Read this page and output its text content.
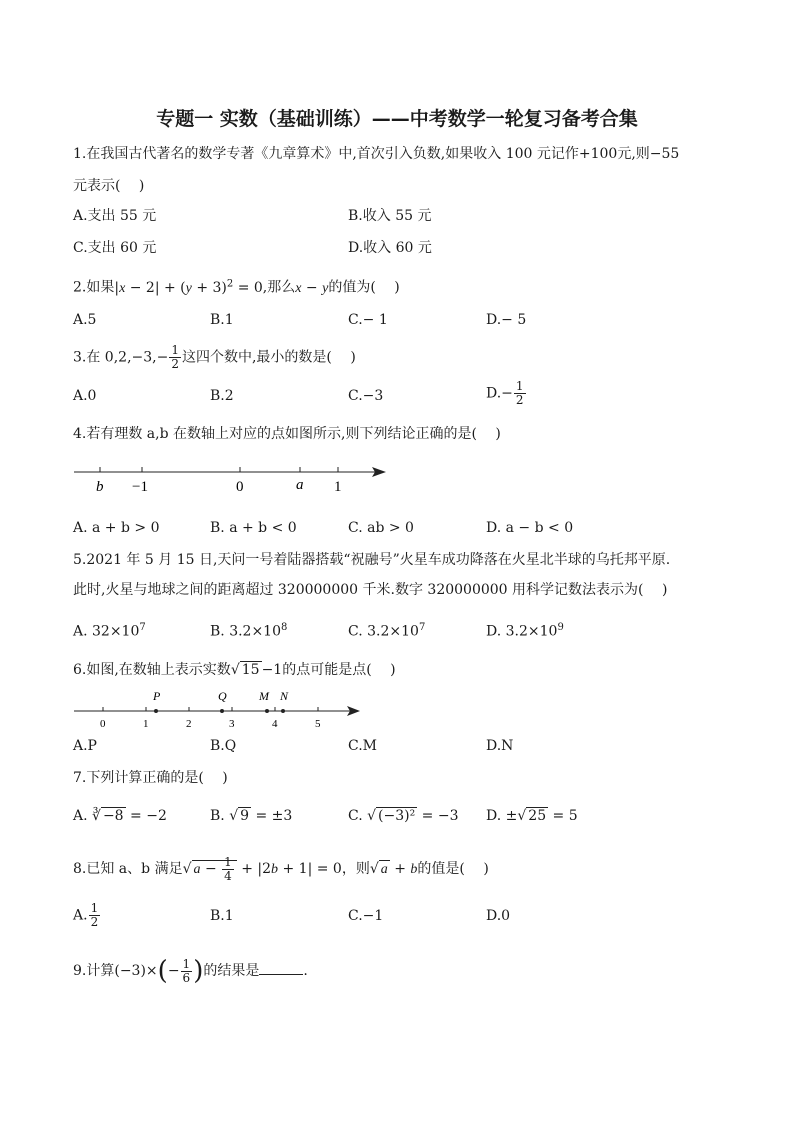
专题一 实数（基础训练）——中考数学一轮复习备考合集
1.在我国古代著名的数学专著《九章算术》中,首次引入负数,如果收入 100 元记作+100元,则−55
元表示(　 )
A.支出 55 元	B.收入 55 元
C.支出 60 元	D.收入 60 元
2.如果$|x - 2| + (y + 3)^2 = 0$,那么x − y的值为(　 )
A.5	B.1	C.− 1	D.− 5
3.在 $0,2,-3,- \frac{1}{2}$ 这四个数中,最小的数是(　 )
A.0	B.2	C.−3	$D.- \frac{1}{2}$
4.若有理数 a,b 在数轴上对应的点如图所示,则下列结论正确的是(　 )
b −1	0	a 1
A. a + b > 0	B. a + b < 0	C. ab > 0	D. a − b < 0
5.2021 年 5 月 15 日,天问一号着陆器搭载“祝融号”火星车成功降落在火星北半球的乌托邦平原.
此时,火星与地球之间的距离超过 320000000 千米.数字 320000000 用科学记数法表示为(　 )
A. $32\times 10^7$	B. $3.2\times 10^8$	C. $3.2\times 10^7$	D. $3.2\times 10^9$
6.如图,在数轴上表示实数√ 15 −1的点可能是点(　 )
P	Q	M N
0	1	2	3	4	5
A.P	B.Q	C.M	D.N
7.下列计算正确的是(　 )
A. ∛ −8 = −2	B. √ 9 = ±3	C. √ (−3)² = −3 D. ±√ 25 = 5
8.已知 a、b 满足√ $a - \frac{1}{4} + |2b + 1| = 0$，则√ a + b的值是(　 )
A. $\frac{1}{2}$	B.1	C.−1	D.0
9.计算$(-3)\times(- \frac{1}{6}$ )的结果是	.
